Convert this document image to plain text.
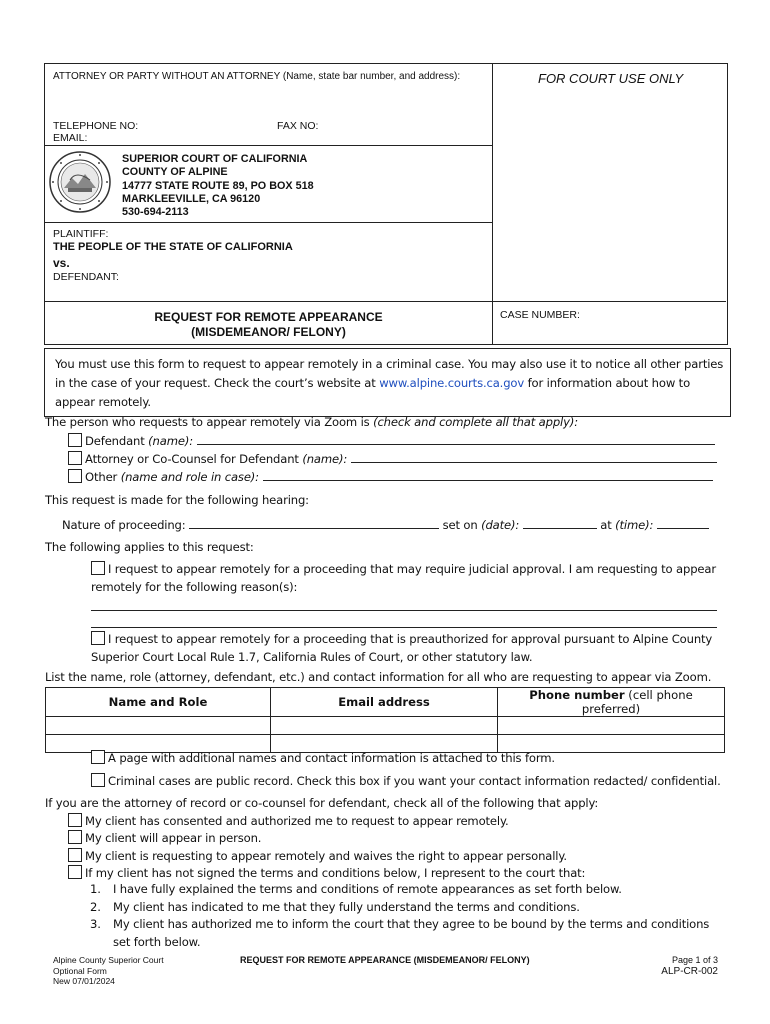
ATTORNEY OR PARTY WITHOUT AN ATTORNEY (Name, state bar number, and address):	FOR COURT USE ONLY
TELEPHONE NO:	FAX NO:
EMAIL:
SUPERIOR COURT OF CALIFORNIA
COUNTY OF ALPINE
14777 STATE ROUTE 89, PO BOX 518
MARKLEEVILLE, CA 96120
530-694-2113
PLAINTIFF:
THE PEOPLE OF THE STATE OF CALIFORNIA
vs.
DEFENDANT:
REQUEST FOR REMOTE APPEARANCE
(MISDEMEANOR/ FELONY)
CASE NUMBER:
You must use this form to request to appear remotely in a criminal case. You may also use it to notice all other parties in the case of your request. Check the court’s website at www.alpine.courts.ca.gov for information about how to appear remotely.
The person who requests to appear remotely via Zoom is (check and complete all that apply):
Defendant (name):
Attorney or Co-Counsel for Defendant (name):
Other (name and role in case):
This request is made for the following hearing:
Nature of proceeding:	set on (date):	at (time):
The following applies to this request:
I request to appear remotely for a proceeding that may require judicial approval. I am requesting to appear remotely for the following reason(s):
I request to appear remotely for a proceeding that is preauthorized for approval pursuant to Alpine County Superior Court Local Rule 1.7, California Rules of Court, or other statutory law.
List the name, role (attorney, defendant, etc.) and contact information for all who are requesting to appear via Zoom.
Name and Role	Email address	Phone number (cell phone preferred)

A page with additional names and contact information is attached to this form.
Criminal cases are public record. Check this box if you want your contact information redacted/ confidential.
If you are the attorney of record or co-counsel for defendant, check all of the following that apply:
My client has consented and authorized me to request to appear remotely.
My client will appear in person.
My client is requesting to appear remotely and waives the right to appear personally.
If my client has not signed the terms and conditions below, I represent to the court that:
1.	I have fully explained the terms and conditions of remote appearances as set forth below.
2.	My client has indicated to me that they fully understand the terms and conditions.
3.	My client has authorized me to inform the court that they agree to be bound by the terms and conditions set forth below.
Alpine County Superior Court
Optional Form
New 07/01/2024
REQUEST FOR REMOTE APPEARANCE (MISDEMEANOR/ FELONY)	Page 1 of 3
ALP-CR-002
